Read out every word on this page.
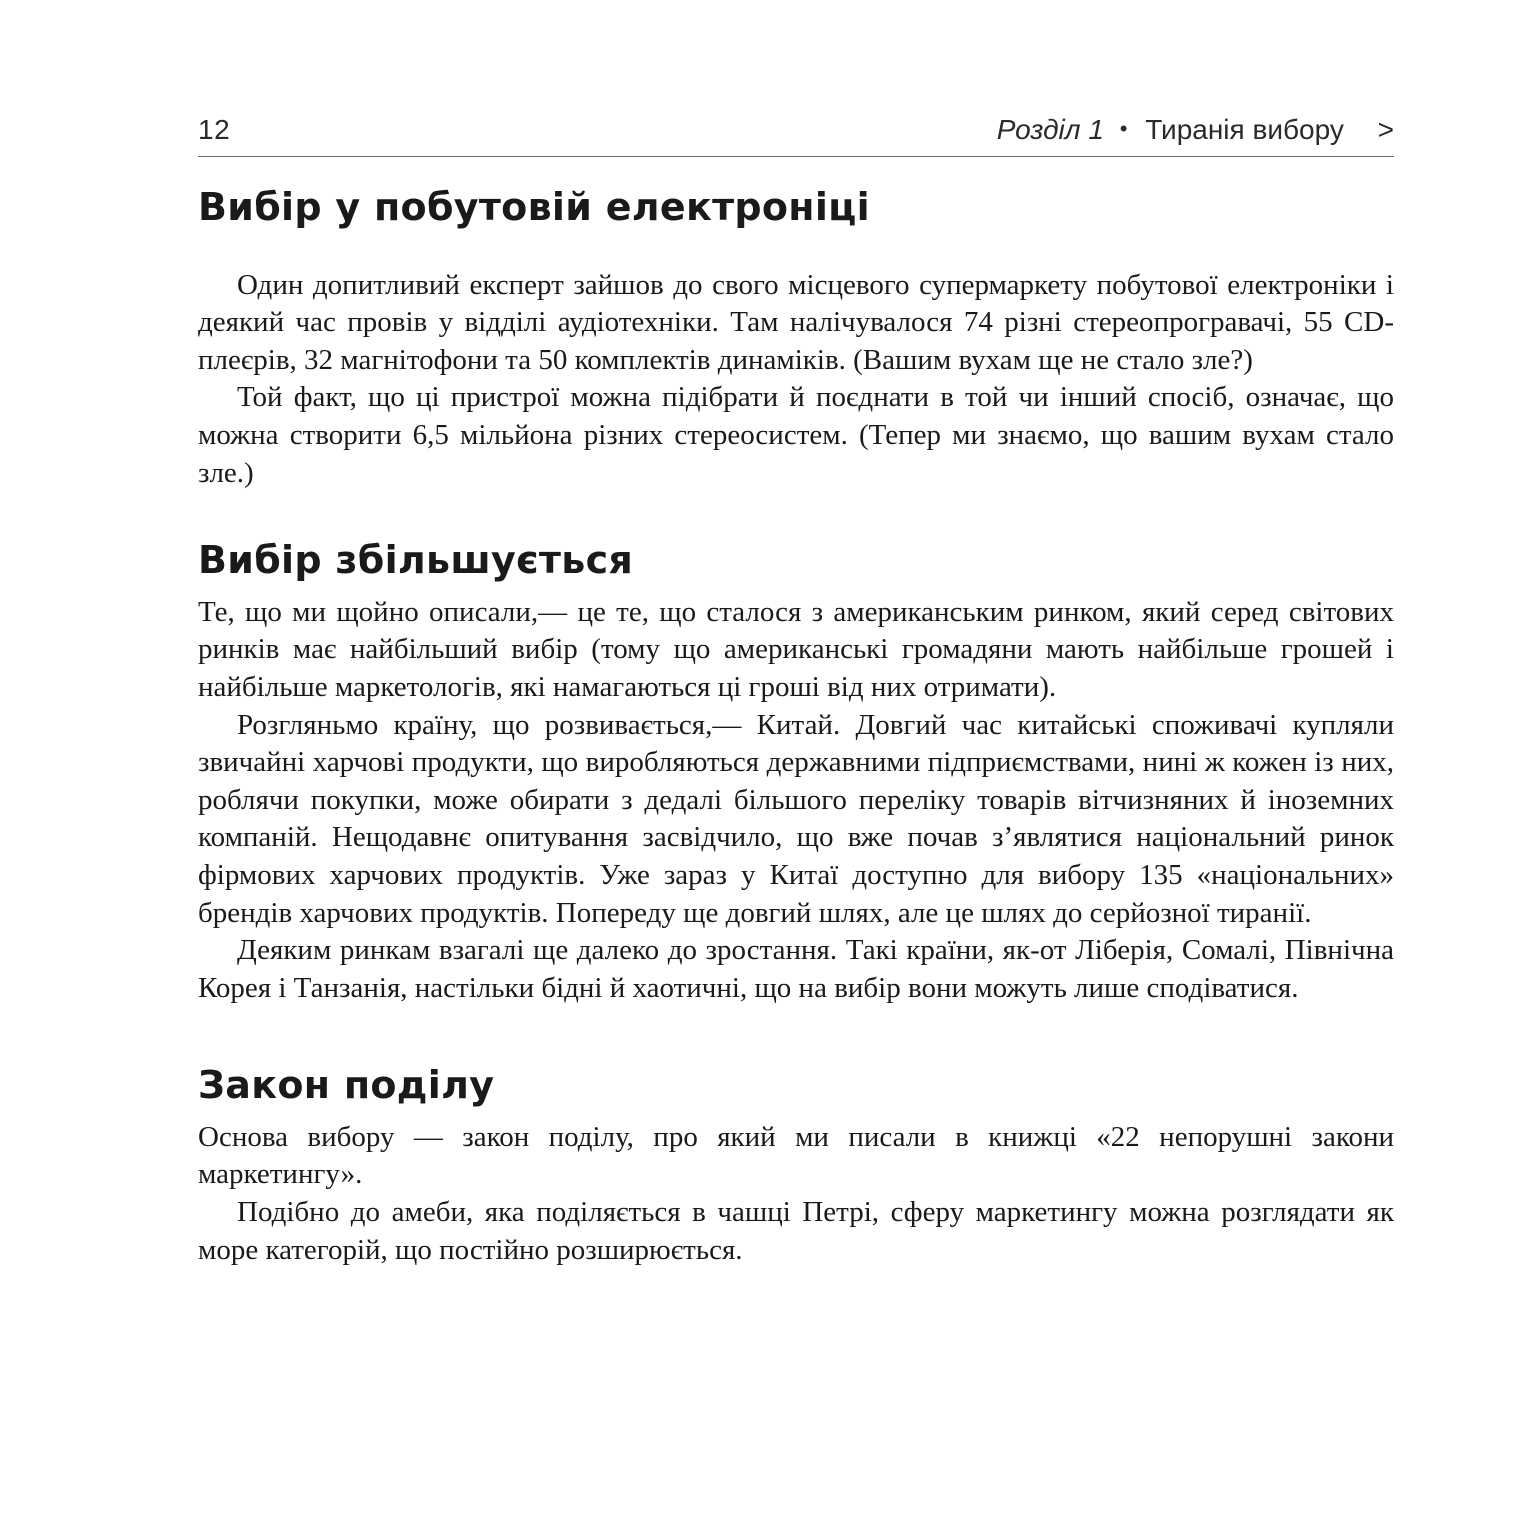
12	Розділ 1 • Тиранія вибору >
Вибір у побутовій електроніці

Один допитливий експерт зайшов до свого місцевого супермаркету побутової електроніки і деякий час провів у відділі аудіотехніки. Там налічувалося 74 різні стереопрогравачі, 55 CD-плеєрів, 32 магнітофони та 50 комплектів динаміків. (Вашим вухам ще не стало зле?)

Той факт, що ці пристрої можна підібрати й поєднати в той чи інший спосіб, означає, що можна створити 6,5 мільйона різних стереосистем. (Тепер ми знаємо, що вашим вухам стало зле.)

Вибір збільшується

Те, що ми щойно описали,— це те, що сталося з американським ринком, який серед світових ринків має найбільший вибір (тому що американські громадяни мають найбільше грошей і найбільше маркетологів, які намагаються ці гроші від них отримати).

Розгляньмо країну, що розвивається,— Китай. Довгий час китайські споживачі купляли звичайні харчові продукти, що виробляються державними підприємствами, нині ж кожен із них, роблячи покупки, може обирати з дедалі більшого переліку товарів вітчизняних й іноземних компаній. Нещодавнє опитування засвідчило, що вже почав з’являтися національний ринок фірмових харчових продуктів. Уже зараз у Китаї доступно для вибору 135 «національних» брендів харчових продуктів. Попереду ще довгий шлях, але це шлях до серйозної тиранії.

Деяким ринкам взагалі ще далеко до зростання. Такі країни, як-от Ліберія, Сомалі, Північна Корея і Танзанія, настільки бідні й хаотичні, що на вибір вони можуть лише сподіватися.

Закон поділу

Основа вибору — закон поділу, про який ми писали в книжці «22 непорушні закони маркетингу».

Подібно до амеби, яка поділяється в чашці Петрі, сферу маркетингу можна розглядати як море категорій, що постійно розширюється.
